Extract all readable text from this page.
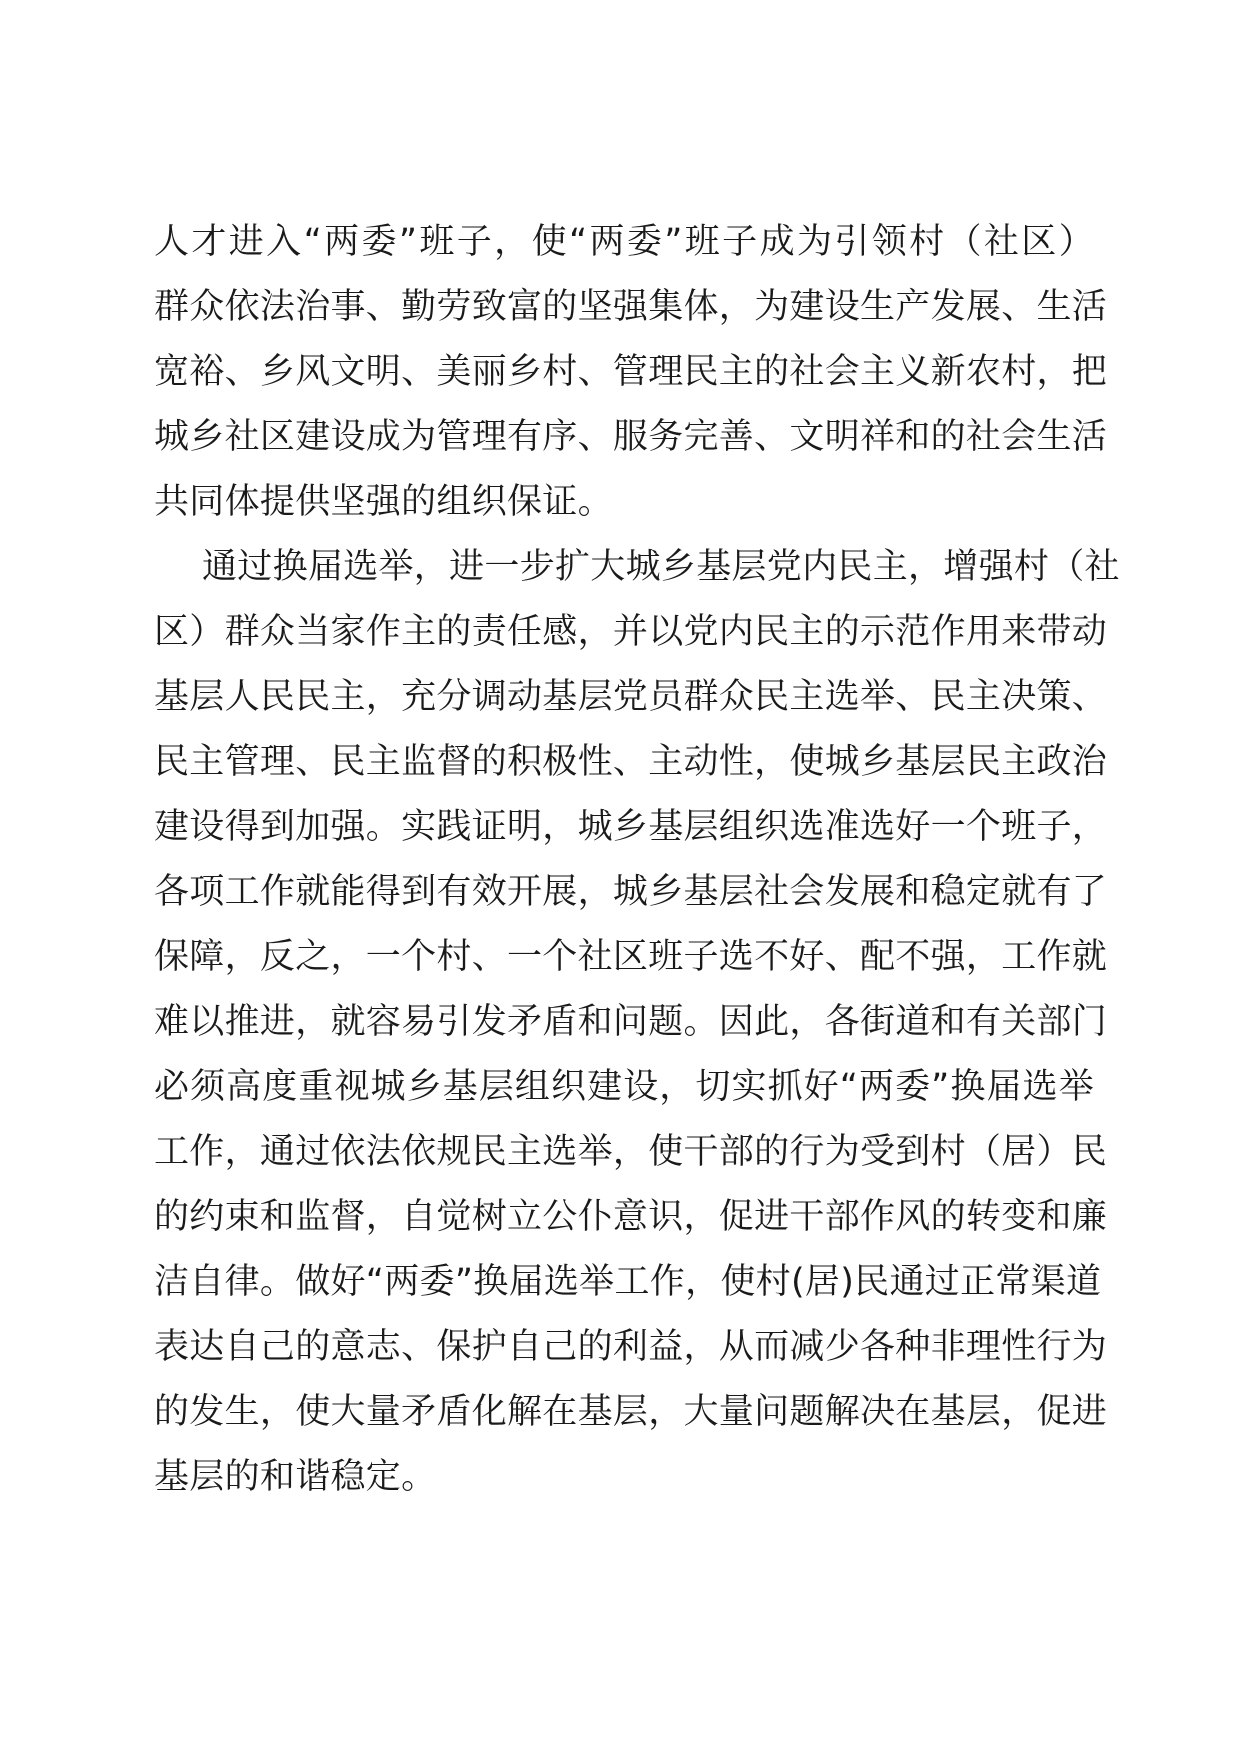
人才进入“两委”班子，使“两委”班子成为引领村（社区）
群众依法治事、勤劳致富的坚强集体，为建设生产发展、生活
宽裕、乡风文明、美丽乡村、管理民主的社会主义新农村，把
城乡社区建设成为管理有序、服务完善、文明祥和的社会生活
共同体提供坚强的组织保证。
通过换届选举，进一步扩大城乡基层党内民主，增强村（社
区）群众当家作主的责任感，并以党内民主的示范作用来带动
基层人民民主，充分调动基层党员群众民主选举、民主决策、
民主管理、民主监督的积极性、主动性，使城乡基层民主政治
建设得到加强。实践证明，城乡基层组织选准选好一个班子，
各项工作就能得到有效开展，城乡基层社会发展和稳定就有了
保障，反之，一个村、一个社区班子选不好、配不强，工作就
难以推进，就容易引发矛盾和问题。因此，各街道和有关部门
必须高度重视城乡基层组织建设，切实抓好“两委”换届选举
工作，通过依法依规民主选举，使干部的行为受到村（居）民
的约束和监督，自觉树立公仆意识，促进干部作风的转变和廉
洁自律。做好“两委”换届选举工作，使村(居)民通过正常渠道
表达自己的意志、保护自己的利益，从而减少各种非理性行为
的发生，使大量矛盾化解在基层，大量问题解决在基层，促进
基层的和谐稳定。
